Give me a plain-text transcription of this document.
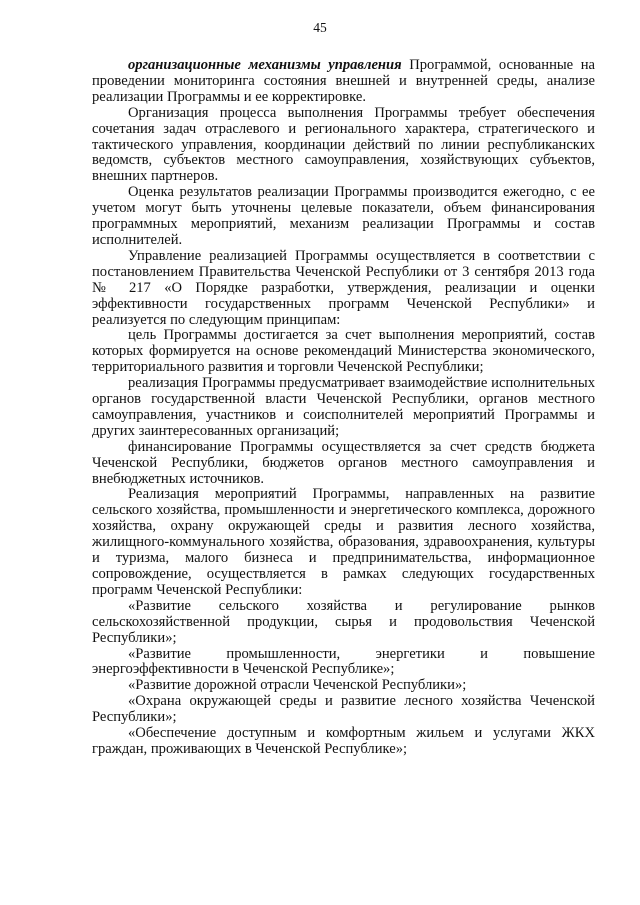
45

организационные механизмы управления Программой, основанные на проведении мониторинга состояния внешней и внутренней среды, анализе реализации Программы и ее корректировке.

Организация процесса выполнения Программы требует обеспечения сочетания задач отраслевого и регионального характера, стратегического и тактического управления, координации действий по линии республиканских ведомств, субъектов местного самоуправления, хозяйствующих субъектов, внешних партнеров.

Оценка результатов реализации Программы производится ежегодно, с ее учетом могут быть уточнены целевые показатели, объем финансирования программных мероприятий, механизм реализации Программы и состав исполнителей.

Управление реализацией Программы осуществляется в соответствии с постановлением Правительства Чеченской Республики от 3 сентября 2013 года № 217 «О Порядке разработки, утверждения, реализации и оценки эффективности государственных программ Чеченской Республики» и реализуется по следующим принципам:

цель Программы достигается за счет выполнения мероприятий, состав которых формируется на основе рекомендаций Министерства экономического, территориального развития и торговли Чеченской Республики;

реализация Программы предусматривает взаимодействие исполнительных органов государственной власти Чеченской Республики, органов местного самоуправления, участников и соисполнителей мероприятий Программы и других заинтересованных организаций;

финансирование Программы осуществляется за счет средств бюджета Чеченской Республики, бюджетов органов местного самоуправления и внебюджетных источников.

Реализация мероприятий Программы, направленных на развитие сельского хозяйства, промышленности и энергетического комплекса, дорожного хозяйства, охрану окружающей среды и развития лесного хозяйства, жилищного-коммунального хозяйства, образования, здравоохранения, культуры и туризма, малого бизнеса и предпринимательства, информационное сопровождение, осуществляется в рамках следующих государственных программ Чеченской Республики:

«Развитие сельского хозяйства и регулирование рынков сельскохозяйственной продукции, сырья и продовольствия Чеченской Республики»;

«Развитие промышленности, энергетики и повышение энергоэффективности в Чеченской Республике»;

«Развитие дорожной отрасли Чеченской Республики»;

«Охрана окружающей среды и развитие лесного хозяйства Чеченской Республики»;

«Обеспечение доступным и комфортным жильем и услугами ЖКХ граждан, проживающих в Чеченской Республике»;
